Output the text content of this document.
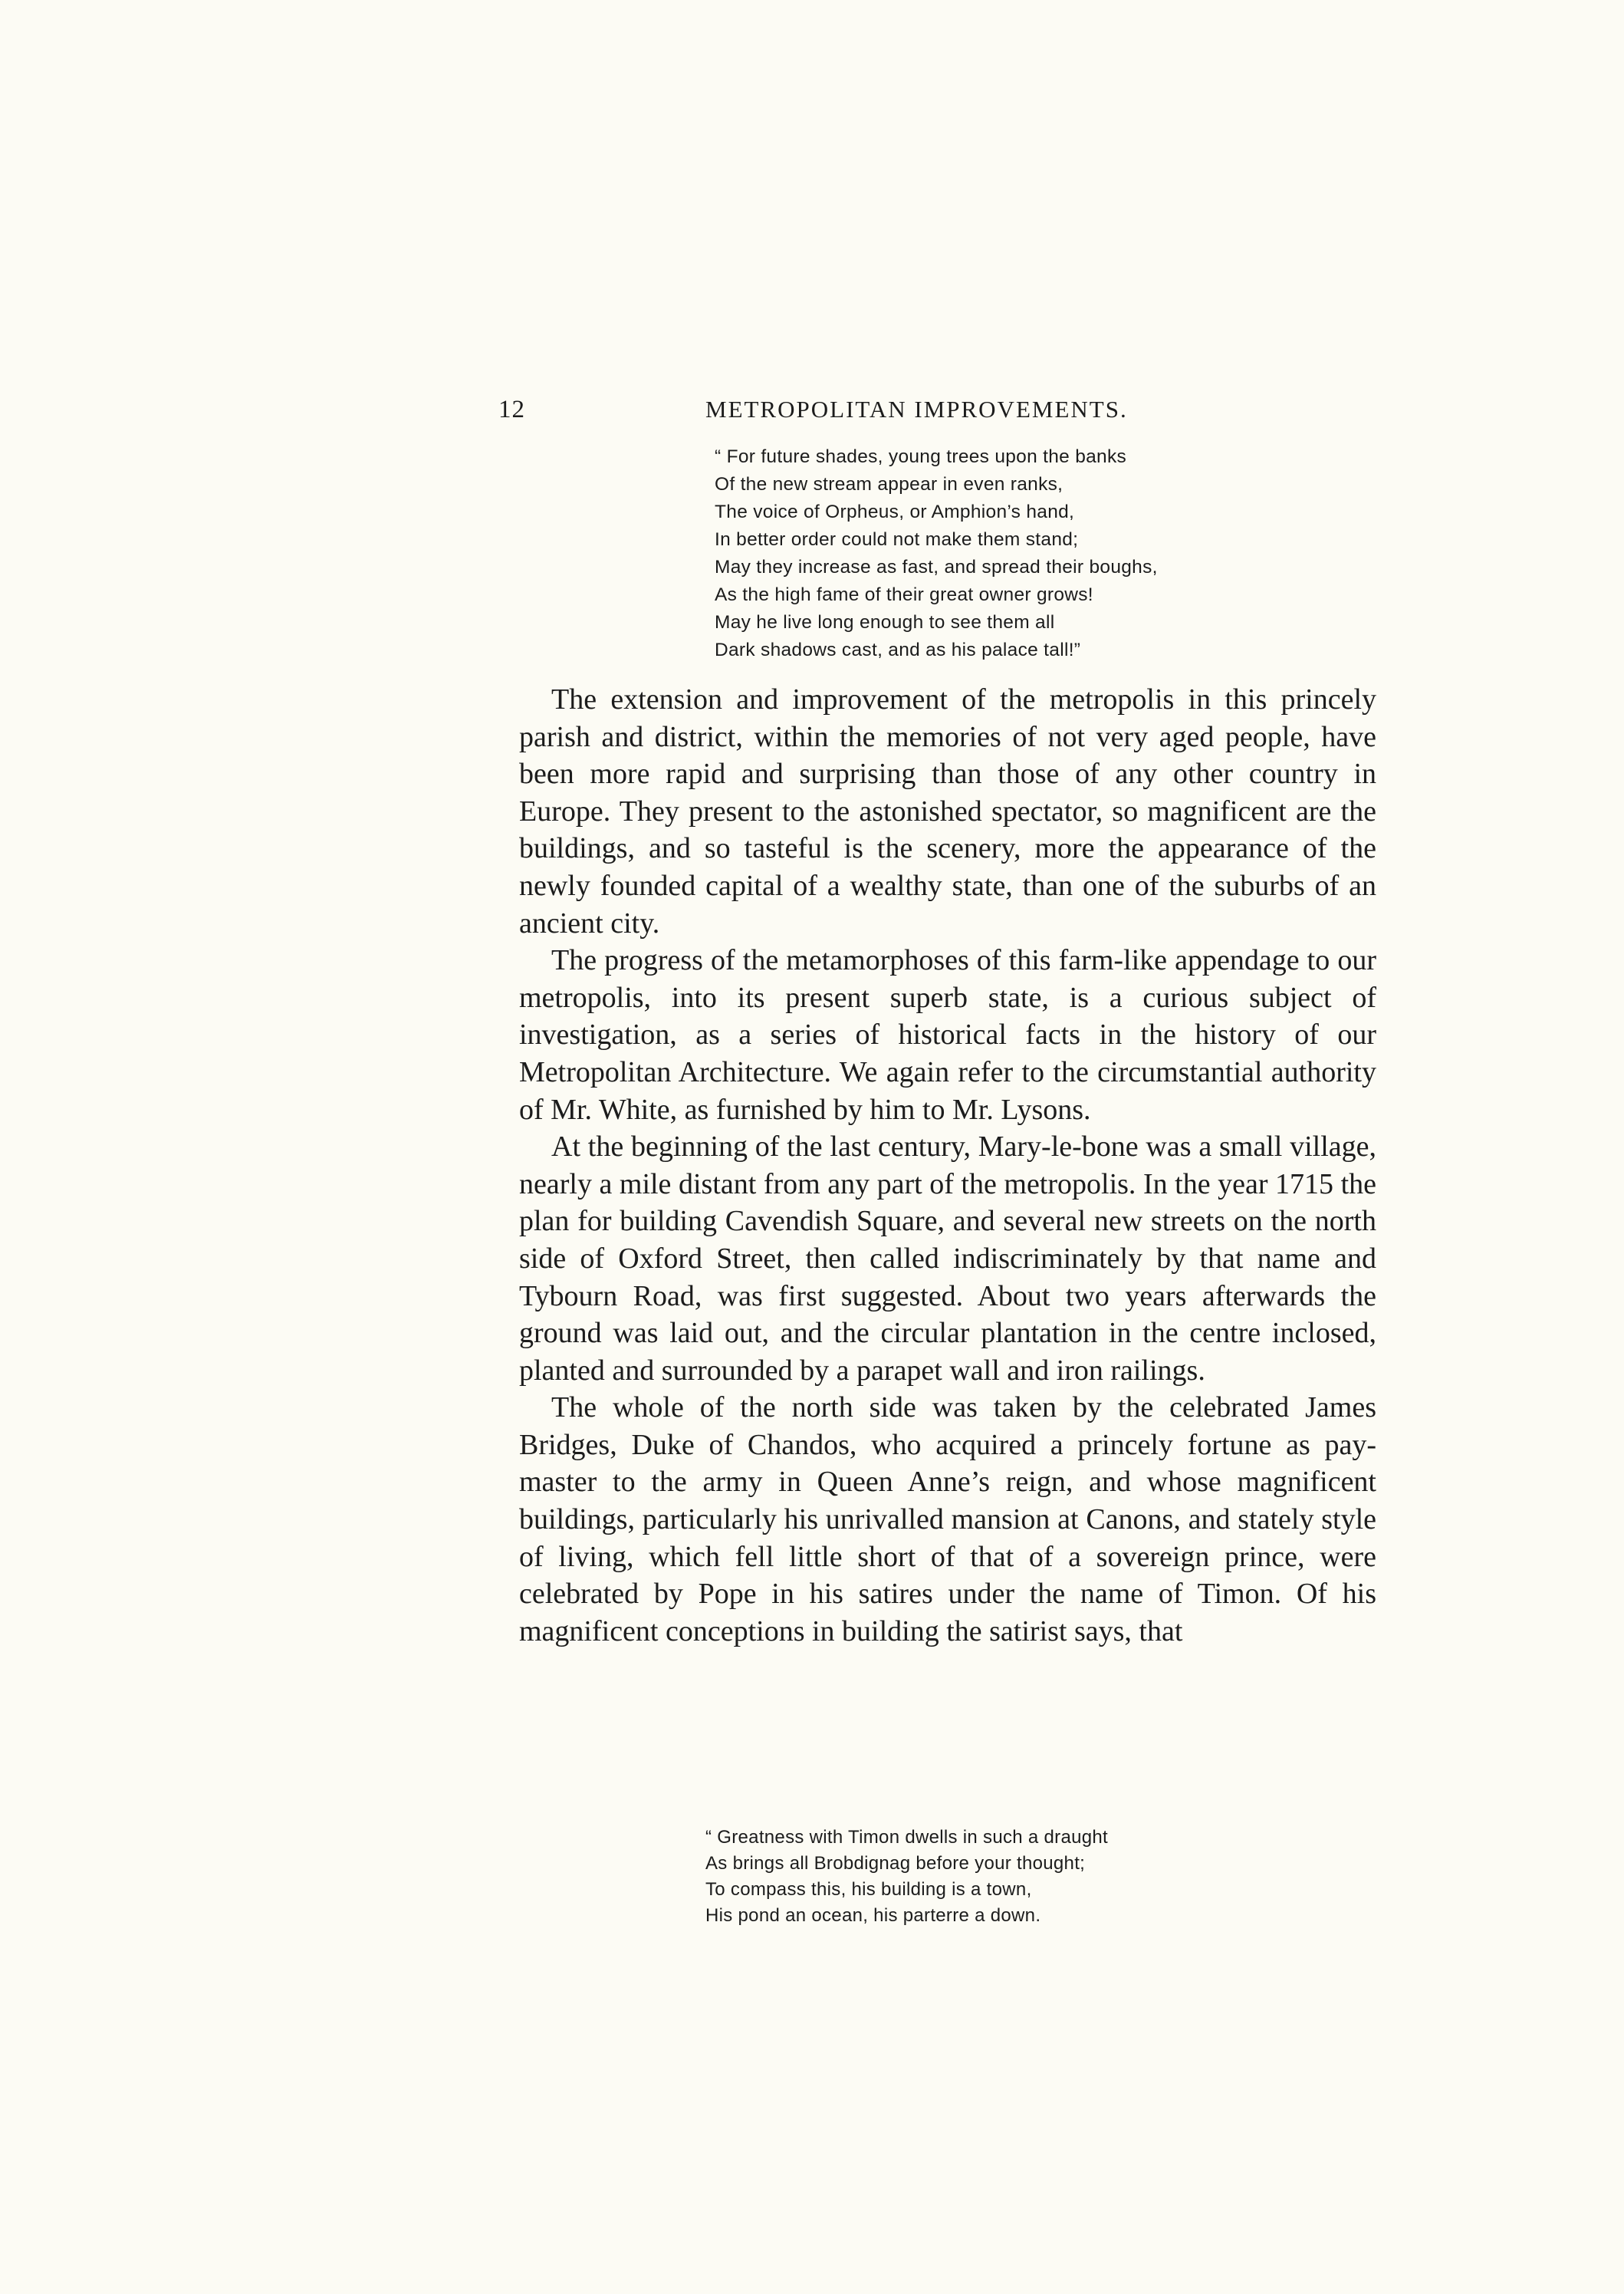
12	METROPOLITAN IMPROVEMENTS.
“ For future shades, young trees upon the banks
Of the new stream appear in even ranks,
The voice of Orpheus, or Amphion’s hand,
In better order could not make them stand;
May they increase as fast, and spread their boughs,
As the high fame of their great owner grows!
May he live long enough to see them all
Dark shadows cast, and as his palace tall!”

The extension and improvement of the metropolis in this princely parish and district, within the memories of not very aged people, have been more rapid and surprising than those of any other country in Europe. They present to the astonished spectator, so magnificent are the buildings, and so tasteful is the scenery, more the appearance of the newly founded capital of a wealthy state, than one of the suburbs of an ancient city.

The progress of the metamorphoses of this farm-like appendage to our metropolis, into its present superb state, is a curious subject of investigation, as a series of historical facts in the history of our Metropolitan Architecture. We again refer to the circumstantial authority of Mr. White, as furnished by him to Mr. Lysons.

At the beginning of the last century, Mary-le-bone was a small village, nearly a mile distant from any part of the metropolis. In the year 1715 the plan for building Cavendish Square, and several new streets on the north side of Oxford Street, then called indiscriminately by that name and Tybourn Road, was first suggested. About two years afterwards the ground was laid out, and the circular plantation in the centre inclosed, planted and surrounded by a parapet wall and iron railings.

The whole of the north side was taken by the celebrated James Bridges, Duke of Chandos, who acquired a princely fortune as pay-master to the army in Queen Anne’s reign, and whose magnificent buildings, particularly his unrivalled mansion at Canons, and stately style of living, which fell little short of that of a sovereign prince, were celebrated by Pope in his satires under the name of Timon. Of his magnificent conceptions in building the satirist says, that

“ Greatness with Timon dwells in such a draught
As brings all Brobdignag before your thought;
To compass this, his building is a town,
His pond an ocean, his parterre a down.
